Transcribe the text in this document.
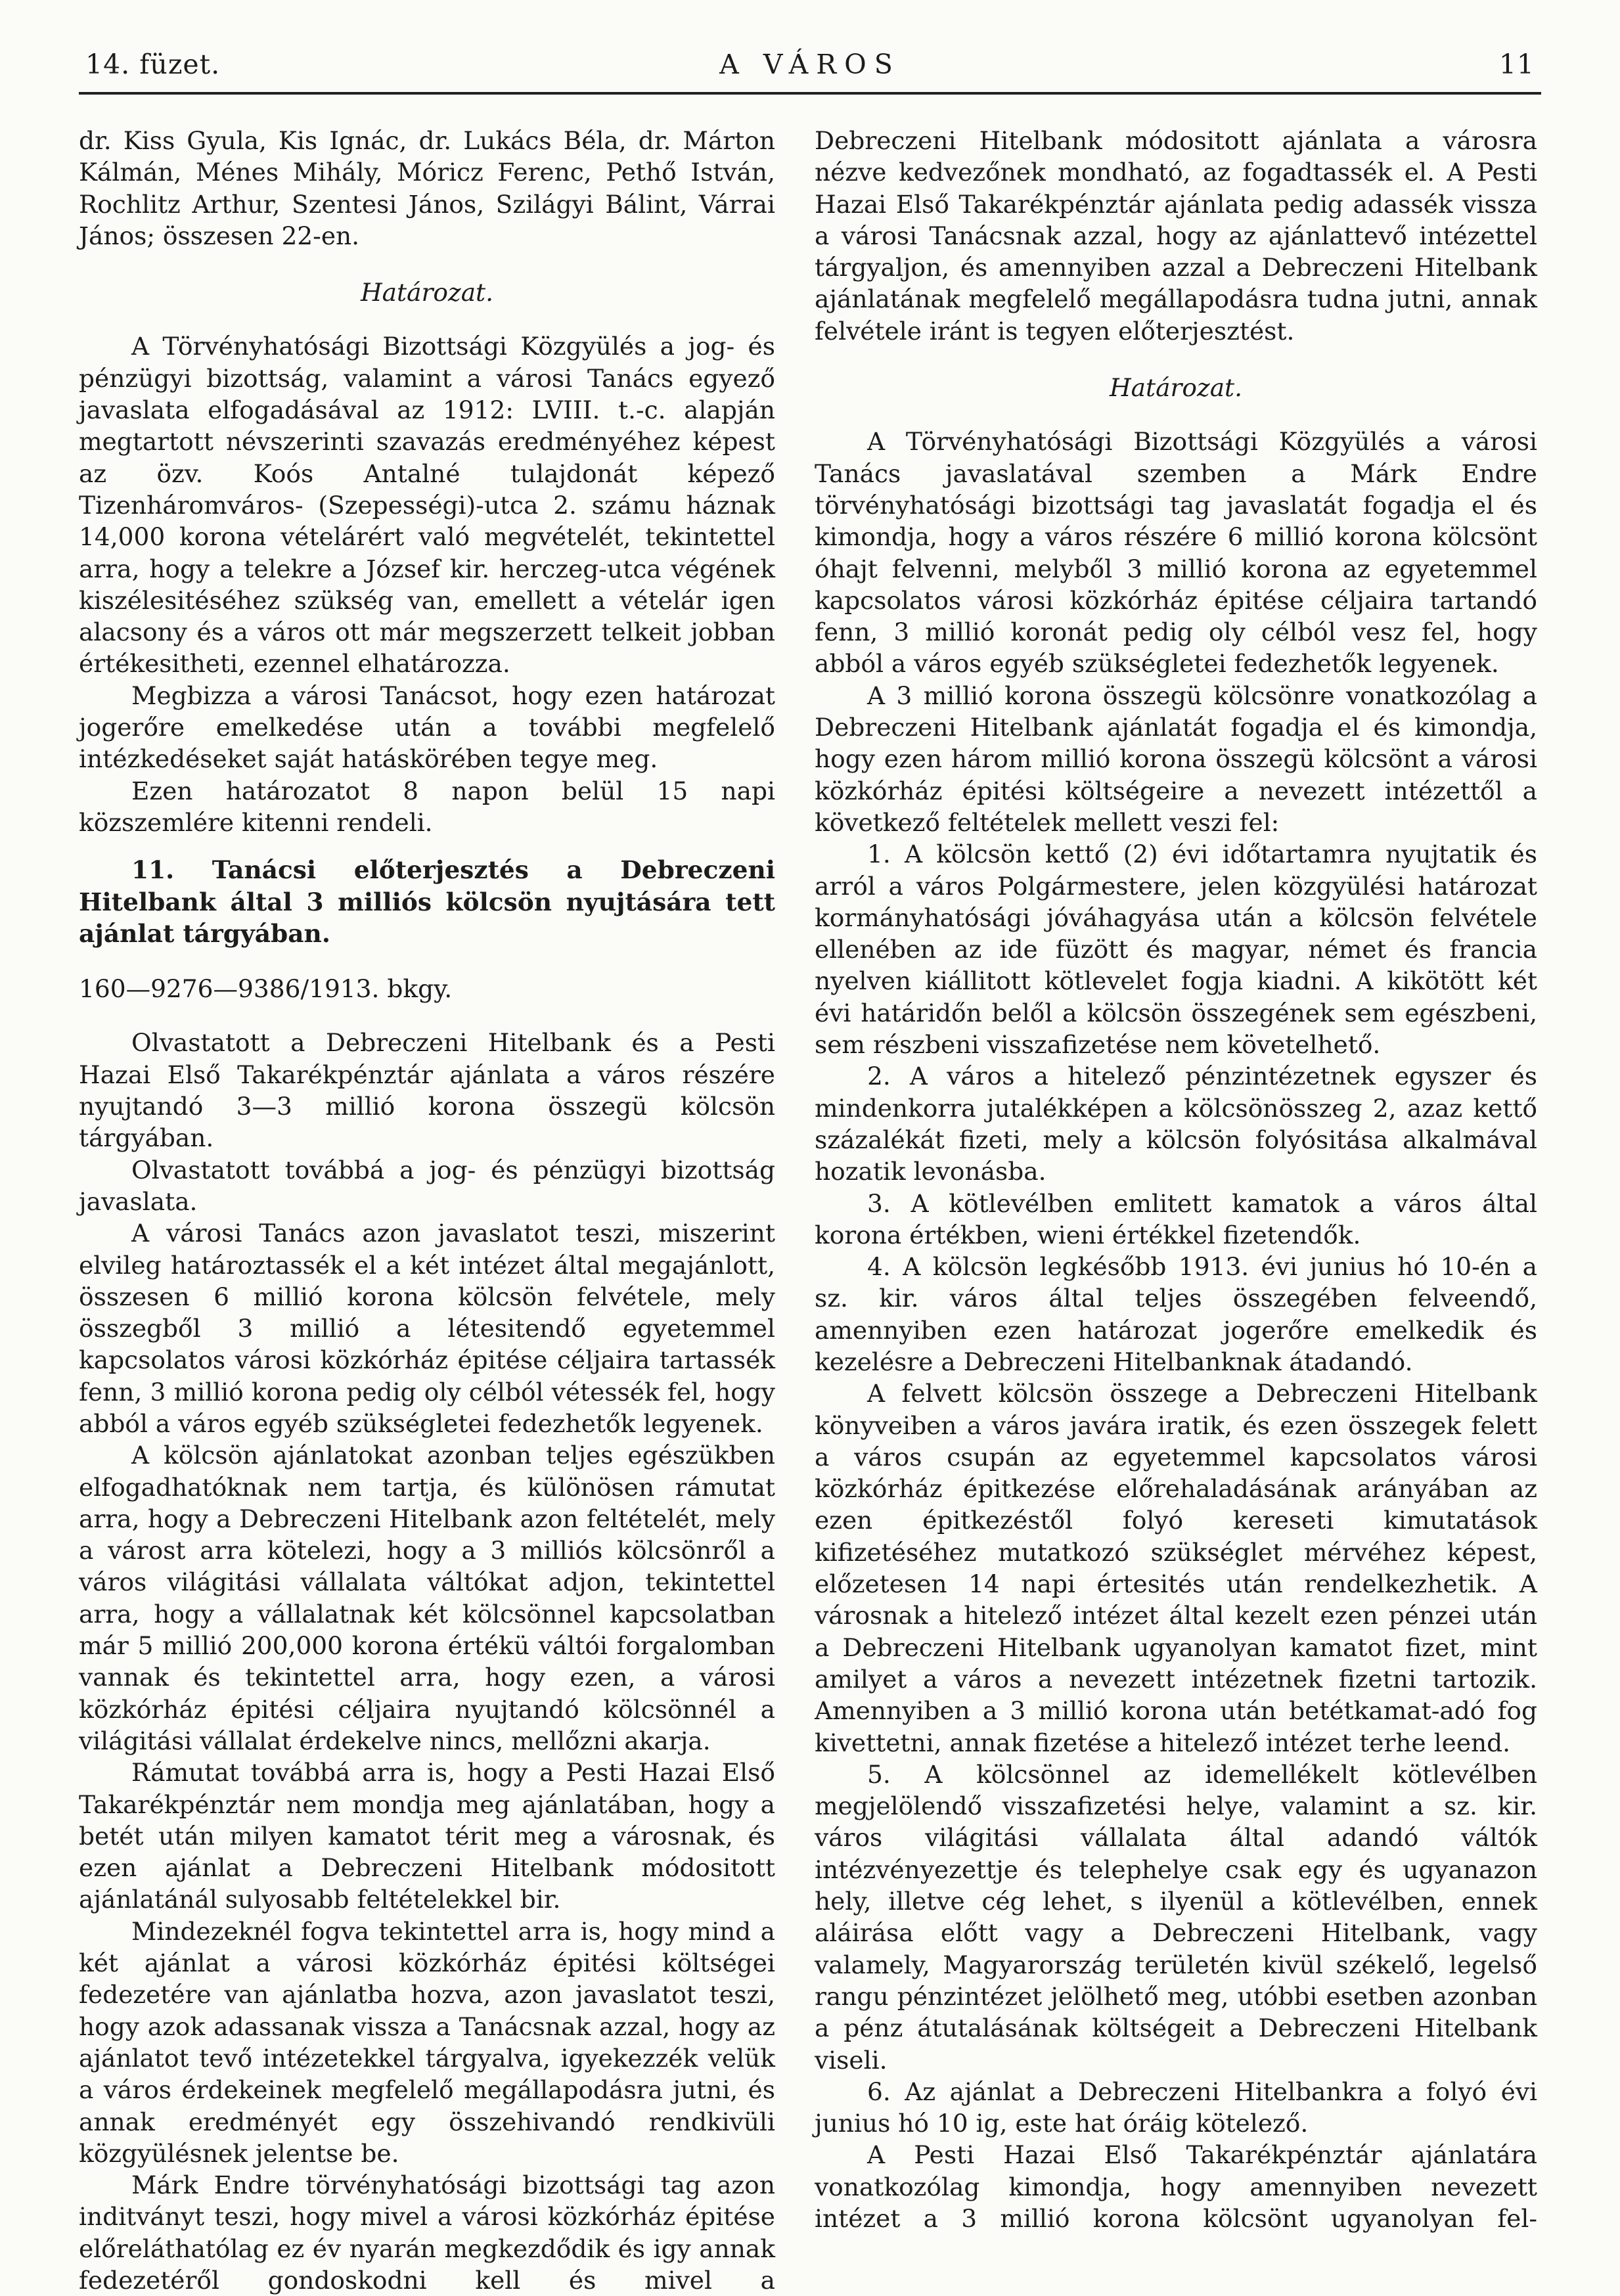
14. füzet.	A VÁROS	11

dr. Kiss Gyula, Kis Ignác, dr. Lukács Béla, dr. Márton Kálmán, Ménes Mihály, Móricz Ferenc, Pethő István, Rochlitz Arthur, Szentesi János, Szilágyi Bálint, Várrai János; összesen 22-en.

Határozat.

A Törvényhatósági Bizottsági Közgyülés a jog- és pénzügyi bizottság, valamint a városi Tanács egyező javaslata elfogadásával az 1912: LVIII. t.-c. alapján megtartott névszerinti szavazás eredményéhez képest az özv. Koós Antalné tulajdonát képező Tizenháromváros- (Szepességi)-utca 2. számu háznak 14,000 korona vételárért való megvételét, tekintettel arra, hogy a telekre a József kir. herczeg-utca végének kiszélesitéséhez szükség van, emellett a vételár igen alacsony és a város ott már megszerzett telkeit jobban értékesitheti, ezennel elhatározza.

Megbizza a városi Tanácsot, hogy ezen határozat jogerőre emelkedése után a további megfelelő intézkedéseket saját hatáskörében tegye meg.

Ezen határozatot 8 napon belül 15 napi közszemlére kitenni rendeli.

11. Tanácsi előterjesztés a Debreczeni Hitelbank által 3 milliós kölcsön nyujtására tett ajánlat tárgyában.

160—9276—9386/1913. bkgy.

Olvastatott a Debreczeni Hitelbank és a Pesti Hazai Első Takarékpénztár ajánlata a város részére nyujtandó 3—3 millió korona összegü kölcsön tárgyában.

Olvastatott továbbá a jog- és pénzügyi bizottság javaslata.

A városi Tanács azon javaslatot teszi, miszerint elvileg határoztassék el a két intézet által megajánlott, összesen 6 millió korona kölcsön felvétele, mely összegből 3 millió a létesitendő egyetemmel kapcsolatos városi közkórház épitése céljaira tartassék fenn, 3 millió korona pedig oly célból vétessék fel, hogy abból a város egyéb szükségletei fedezhetők legyenek.

A kölcsön ajánlatokat azonban teljes egészükben elfogadhatóknak nem tartja, és különösen rámutat arra, hogy a Debreczeni Hitelbank azon feltételét, mely a várost arra kötelezi, hogy a 3 milliós kölcsönről a város világitási vállalata váltókat adjon, tekintettel arra, hogy a vállalatnak két kölcsönnel kapcsolatban már 5 millió 200,000 korona értékü váltói forgalomban vannak és tekintettel arra, hogy ezen, a városi közkórház épitési céljaira nyujtandó kölcsönnél a világitási vállalat érdekelve nincs, mellőzni akarja.

Rámutat továbbá arra is, hogy a Pesti Hazai Első Takarékpénztár nem mondja meg ajánlatában, hogy a betét után milyen kamatot térit meg a városnak, és ezen ajánlat a Debreczeni Hitelbank módositott ajánlatánál sulyosabb feltételekkel bir.

Mindezeknél fogva tekintettel arra is, hogy mind a két ajánlat a városi közkórház épitési költségei fedezetére van ajánlatba hozva, azon javaslatot teszi, hogy azok adassanak vissza a Tanácsnak azzal, hogy az ajánlatot tevő intézetekkel tárgyalva, igyekezzék velük a város érdekeinek megfelelő megállapodásra jutni, és annak eredményét egy összehivandó rendkivüli közgyülésnek jelentse be.

Márk Endre törvényhatósági bizottsági tag azon inditványt teszi, hogy mivel a városi közkórház épitése előreláthatólag ez év nyarán megkezdődik és igy annak fedezetéről gondoskodni kell és mivel a

Debreczeni Hitelbank módositott ajánlata a városra nézve kedvezőnek mondható, az fogadtassék el. A Pesti Hazai Első Takarékpénztár ajánlata pedig adassék vissza a városi Tanácsnak azzal, hogy az ajánlattevő intézettel tárgyaljon, és amennyiben azzal a Debreczeni Hitelbank ajánlatának megfelelő megállapodásra tudna jutni, annak felvétele iránt is tegyen előterjesztést.

Határozat.

A Törvényhatósági Bizottsági Közgyülés a városi Tanács javaslatával szemben a Márk Endre törvényhatósági bizottsági tag javaslatát fogadja el és kimondja, hogy a város részére 6 millió korona kölcsönt óhajt felvenni, melyből 3 millió korona az egyetemmel kapcsolatos városi közkórház épitése céljaira tartandó fenn, 3 millió koronát pedig oly célból vesz fel, hogy abból a város egyéb szükségletei fedezhetők legyenek.

A 3 millió korona összegü kölcsönre vonatkozólag a Debreczeni Hitelbank ajánlatát fogadja el és kimondja, hogy ezen három millió korona összegü kölcsönt a városi közkórház épitési költségeire a nevezett intézettől a következő feltételek mellett veszi fel:

1. A kölcsön kettő (2) évi időtartamra nyujtatik és arról a város Polgármestere, jelen közgyülési határozat kormányhatósági jóváhagyása után a kölcsön felvétele ellenében az ide füzött és magyar, német és francia nyelven kiállitott kötlevelet fogja kiadni. A kikötött két évi határidőn belől a kölcsön összegének sem egészbeni, sem részbeni visszafizetése nem követelhető.

2. A város a hitelező pénzintézetnek egyszer és mindenkorra jutalékképen a kölcsönösszeg 2, azaz kettő százalékát fizeti, mely a kölcsön folyósitása alkalmával hozatik levonásba.

3. A kötlevélben emlitett kamatok a város által korona értékben, wieni értékkel fizetendők.

4. A kölcsön legkésőbb 1913. évi junius hó 10-én a sz. kir. város által teljes összegében felveendő, amennyiben ezen határozat jogerőre emelkedik és kezelésre a Debreczeni Hitelbanknak átadandó.

A felvett kölcsön összege a Debreczeni Hitelbank könyveiben a város javára iratik, és ezen összegek felett a város csupán az egyetemmel kapcsolatos városi közkórház épitkezése előrehaladásának arányában az ezen épitkezéstől folyó kereseti kimutatások kifizetéséhez mutatkozó szükséglet mérvéhez képest, előzetesen 14 napi értesités után rendelkezhetik. A városnak a hitelező intézet által kezelt ezen pénzei után a Debreczeni Hitelbank ugyanolyan kamatot fizet, mint amilyet a város a nevezett intézetnek fizetni tartozik. Amennyiben a 3 millió korona után betétkamat-adó fog kivettetni, annak fizetése a hitelező intézet terhe leend.

5. A kölcsönnel az idemellékelt kötlevélben megjelölendő visszafizetési helye, valamint a sz. kir. város világitási vállalata által adandó váltók intézvényezettje és telephelye csak egy és ugyanazon hely, illetve cég lehet, s ilyenül a kötlevélben, ennek aláirása előtt vagy a Debreczeni Hitelbank, vagy valamely, Magyarország területén kivül székelő, legelső rangu pénzintézet jelölhető meg, utóbbi esetben azonban a pénz átutalásának költségeit a Debreczeni Hitelbank viseli.

6. Az ajánlat a Debreczeni Hitelbankra a folyó évi junius hó 10 ig, este hat óráig kötelező.

A Pesti Hazai Első Takarékpénztár ajánlatára vonatkozólag kimondja, hogy amennyiben nevezett intézet a 3 millió korona kölcsönt ugyanolyan fel-
